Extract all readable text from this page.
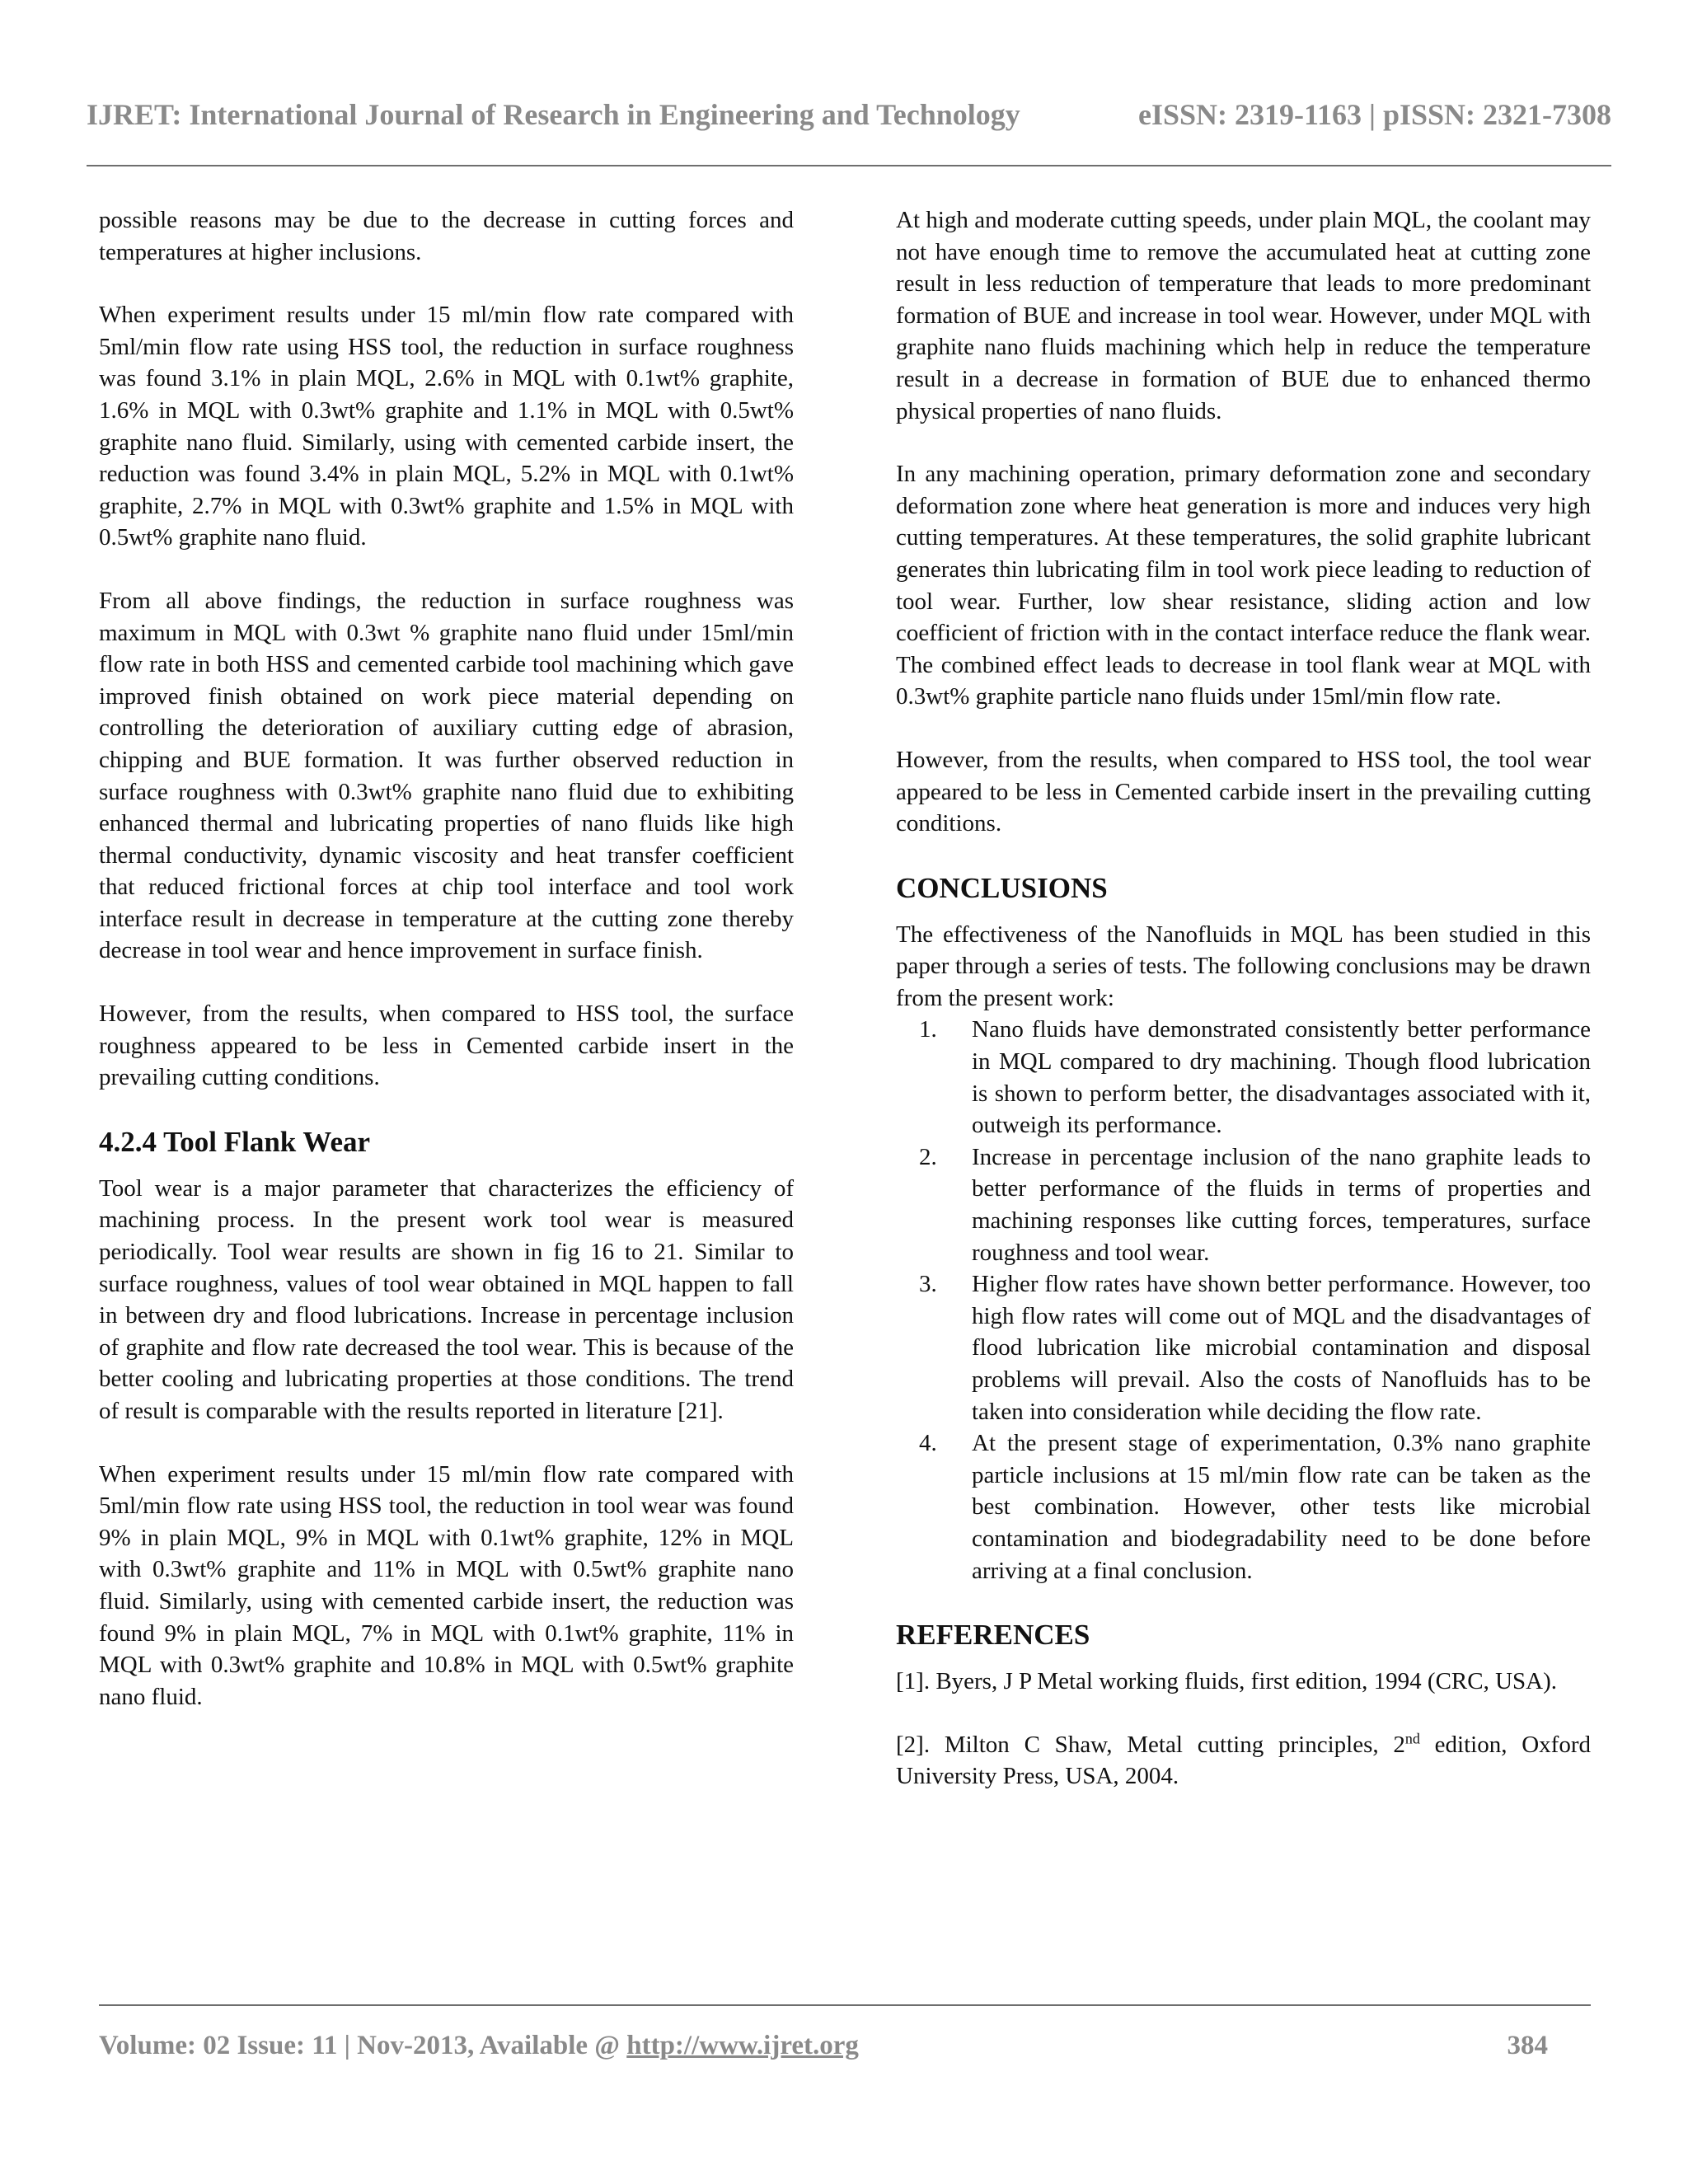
IJRET: International Journal of Research in Engineering and Technology	eISSN: 2319-1163 | pISSN: 2321-7308

possible reasons may be due to the decrease in cutting forces and temperatures at higher inclusions.

When experiment results under 15 ml/min flow rate compared with 5ml/min flow rate using HSS tool, the reduction in surface roughness was found 3.1% in plain MQL, 2.6% in MQL with 0.1wt% graphite, 1.6% in MQL with 0.3wt% graphite and 1.1% in MQL with 0.5wt% graphite nano fluid. Similarly, using with cemented carbide insert, the reduction was found 3.4% in plain MQL, 5.2% in MQL with 0.1wt% graphite, 2.7% in MQL with 0.3wt% graphite and 1.5% in MQL with 0.5wt% graphite nano fluid.

From all above findings, the reduction in surface roughness was maximum in MQL with 0.3wt % graphite nano fluid under 15ml/min flow rate in both HSS and cemented carbide tool machining which gave improved finish obtained on work piece material depending on controlling the deterioration of auxiliary cutting edge of abrasion, chipping and BUE formation. It was further observed reduction in surface roughness with 0.3wt% graphite nano fluid due to exhibiting enhanced thermal and lubricating properties of nano fluids like high thermal conductivity, dynamic viscosity and heat transfer coefficient that reduced frictional forces at chip tool interface and tool work interface result in decrease in temperature at the cutting zone thereby decrease in tool wear and hence improvement in surface finish.

However, from the results, when compared to HSS tool, the surface roughness appeared to be less in Cemented carbide insert in the prevailing cutting conditions.

4.2.4 Tool Flank Wear

Tool wear is a major parameter that characterizes the efficiency of machining process. In the present work tool wear is measured periodically. Tool wear results are shown in fig 16 to 21. Similar to surface roughness, values of tool wear obtained in MQL happen to fall in between dry and flood lubrications. Increase in percentage inclusion of graphite and flow rate decreased the tool wear. This is because of the better cooling and lubricating properties at those conditions. The trend of result is comparable with the results reported in literature [21].

When experiment results under 15 ml/min flow rate compared with 5ml/min flow rate using HSS tool, the reduction in tool wear was found 9% in plain MQL, 9% in MQL with 0.1wt% graphite, 12% in MQL with 0.3wt% graphite and 11% in MQL with 0.5wt% graphite nano fluid. Similarly, using with cemented carbide insert, the reduction was found 9% in plain MQL, 7% in MQL with 0.1wt% graphite, 11% in MQL with 0.3wt% graphite and 10.8% in MQL with 0.5wt% graphite nano fluid.

At high and moderate cutting speeds, under plain MQL, the coolant may not have enough time to remove the accumulated heat at cutting zone result in less reduction of temperature that leads to more predominant formation of BUE and increase in tool wear. However, under MQL with graphite nano fluids machining which help in reduce the temperature result in a decrease in formation of BUE due to enhanced thermo physical properties of nano fluids.

In any machining operation, primary deformation zone and secondary deformation zone where heat generation is more and induces very high cutting temperatures. At these temperatures, the solid graphite lubricant generates thin lubricating film in tool work piece leading to reduction of tool wear. Further, low shear resistance, sliding action and low coefficient of friction with in the contact interface reduce the flank wear. The combined effect leads to decrease in tool flank wear at MQL with 0.3wt% graphite particle nano fluids under 15ml/min flow rate.

However, from the results, when compared to HSS tool, the tool wear appeared to be less in Cemented carbide insert in the prevailing cutting conditions.

CONCLUSIONS

The effectiveness of the Nanofluids in MQL has been studied in this paper through a series of tests. The following conclusions may be drawn from the present work:

1. Nano fluids have demonstrated consistently better performance in MQL compared to dry machining. Though flood lubrication is shown to perform better, the disadvantages associated with it, outweigh its performance.
2. Increase in percentage inclusion of the nano graphite leads to better performance of the fluids in terms of properties and machining responses like cutting forces, temperatures, surface roughness and tool wear.
3. Higher flow rates have shown better performance. However, too high flow rates will come out of MQL and the disadvantages of flood lubrication like microbial contamination and disposal problems will prevail. Also the costs of Nanofluids has to be taken into consideration while deciding the flow rate.
4. At the present stage of experimentation, 0.3% nano graphite particle inclusions at 15 ml/min flow rate can be taken as the best combination. However, other tests like microbial contamination and biodegradability need to be done before arriving at a final conclusion.
REFERENCES

[1]. Byers, J P Metal working fluids, first edition, 1994 (CRC, USA).

[2]. Milton C Shaw, Metal cutting principles, 2nd edition, Oxford University Press, USA, 2004.

Volume: 02 Issue: 11 | Nov-2013, Available @ http://www.ijret.org	384
